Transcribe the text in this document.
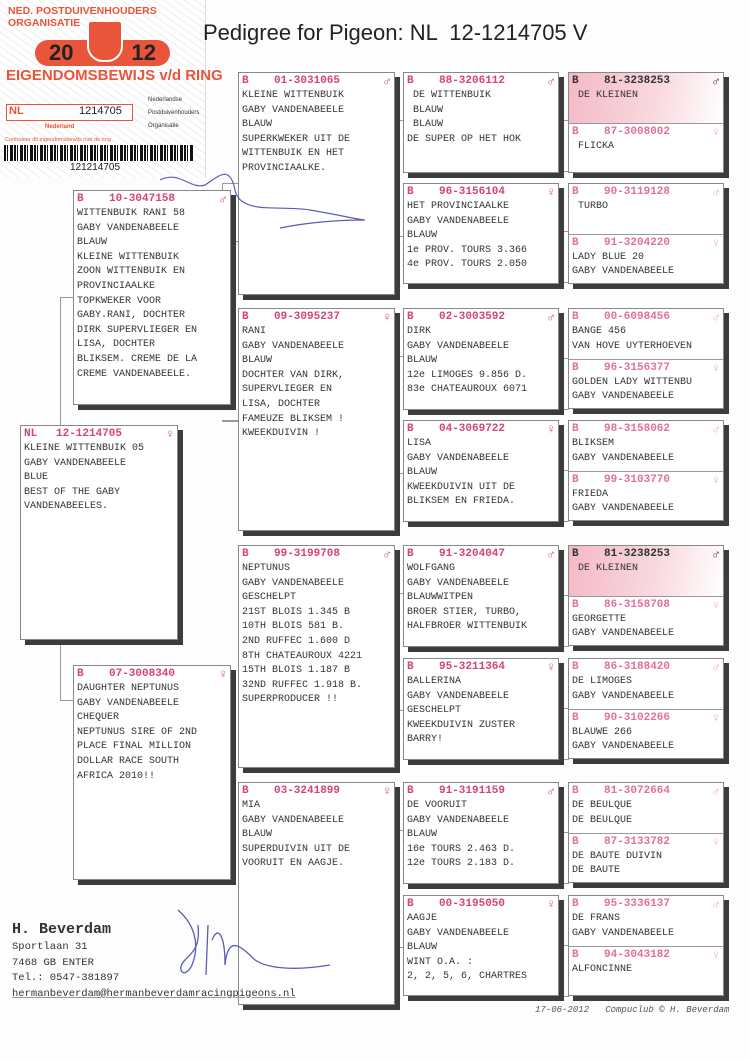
NED. POSTDUIVENHOUDERS ORGANISATIE
20	12
EIGENDOMSBEWIJS v/d RING
NL	1214705
Nederlandse
Postduivenhouders
Organisatie
Nederland
Controleer dit eigendomsbewijs met de ring
121214705
Pedigree for Pigeon: NL  12-1214705 V
NL	12-1214705	♀
KLEINE WITTENBUIK 05
GABY VANDENABEELE
BLUE
BEST OF THE GABY
VANDENABEELES.
B	10-3047158	♂
WITTENBUIK RANI 58
GABY VANDENABEELE
BLAUW
KLEINE WITTENBUIK
ZOON WITTENBUIK EN
PROVINCIAALKE
TOPKWEKER VOOR
GABY.RANI, DOCHTER
DIRK SUPERVLIEGER EN
LISA, DOCHTER
BLIKSEM. CREME DE LA
CREME VANDENABEELE.
B	07-3008340	♀
DAUGHTER NEPTUNUS
GABY VANDENABEELE
CHEQUER
NEPTUNUS SIRE OF 2ND
PLACE FINAL MILLION
DOLLAR RACE SOUTH
AFRICA 2010!!
B	01-3031065	♂
KLEINE WITTENBUIK
GABY VANDENABEELE
BLAUW
SUPERKWEKER UIT DE
WITTENBUIK EN HET
PROVINCIAALKE.
B	09-3095237	♀
RANI
GABY VANDENABEELE
BLAUW
DOCHTER VAN DIRK,
SUPERVLIEGER EN
LISA, DOCHTER
FAMEUZE BLIKSEM !
KWEEKDUIVIN !
B	99-3199708	♂
NEPTUNUS
GABY VANDENABEELE
GESCHELPT
21ST BLOIS 1.345 B
10TH BLOIS 581 B.
2ND RUFFEC 1.600 D
8TH CHATEAUROUX 4221
15TH BLOIS 1.187 B
32ND RUFFEC 1.918 B.
SUPERPRODUCER !!
B	03-3241899	♀
MIA
GABY VANDENABEELE
BLAUW
SUPERDUIVIN UIT DE
VOORUIT EN AAGJE.
B	88-3206112	♂
DE WITTENBUIK
BLAUW
BLAUW
DE SUPER OP HET HOK
B	96-3156104	♀
HET PROVINCIAALKE
GABY VANDENABEELE
BLAUW
1e PROV. TOURS 3.366
4e PROV. TOURS 2.050
B	02-3003592	♂
DIRK
GABY VANDENABEELE
BLAUW
12e LIMOGES 9.856 D.
83e CHATEAUROUX 6071
B	04-3069722	♀
LISA
GABY VANDENABEELE
BLAUW
KWEEKDUIVIN UIT DE
BLIKSEM EN FRIEDA.
B	91-3204047	♂
WOLFGANG
GABY VANDENABEELE
BLAUWWITPEN
BROER STIER, TURBO,
HALFBROER WITTENBUIK
B	95-3211364	♀
BALLERINA
GABY VANDENABEELE
GESCHELPT
KWEEKDUIVIN ZUSTER
BARRY!
B	91-3191159	♂
DE VOORUIT
GABY VANDENABEELE
BLAUW
16e TOURS 2.463 D.
12e TOURS 2.183 D.
B	00-3195050	♀
AAGJE
GABY VANDENABEELE
BLAUW
WINT O.A. :
2, 2, 5, 6, CHARTRES
B	81-3238253	♂
DE KLEINEN
B	87-3008002	♀
FLICKA
B	90-3119128	♂
TURBO
B	91-3204220	♀
LADY BLUE 20
GABY VANDENABEELE
B	00-6098456	♂
BANGE 456
VAN HOVE UYTERHOEVEN
B	96-3156377	♀
GOLDEN LADY WITTENBU
GABY VANDENABEELE
B	98-3158062	♂
BLIKSEM
GABY VANDENABEELE
B	99-3103770	♀
FRIEDA
GABY VANDENABEELE
B	81-3238253	♂
DE KLEINEN
B	86-3158708	♀
GEORGETTE
GABY VANDENABEELE
B	86-3188420	♂
DE LIMOGES
GABY VANDENABEELE
B	90-3102266	♀
BLAUWE 266
GABY VANDENABEELE
B	81-3072664	♂
DE BEULQUE
DE BEULQUE
B	87-3133782	♀
DE BAUTE DUIVIN
DE BAUTE
B	95-3336137	♂
DE FRANS
GABY VANDENABEELE
B	94-3043182	♀
ALFONCINNE
H. Beverdam
Sportlaan 31
7468 GB ENTER
Tel.: 0547-381897
hermanbeverdam@hermanbeverdamracingpigeons.nl
17-06-2012   Compuclub © H. Beverdam
